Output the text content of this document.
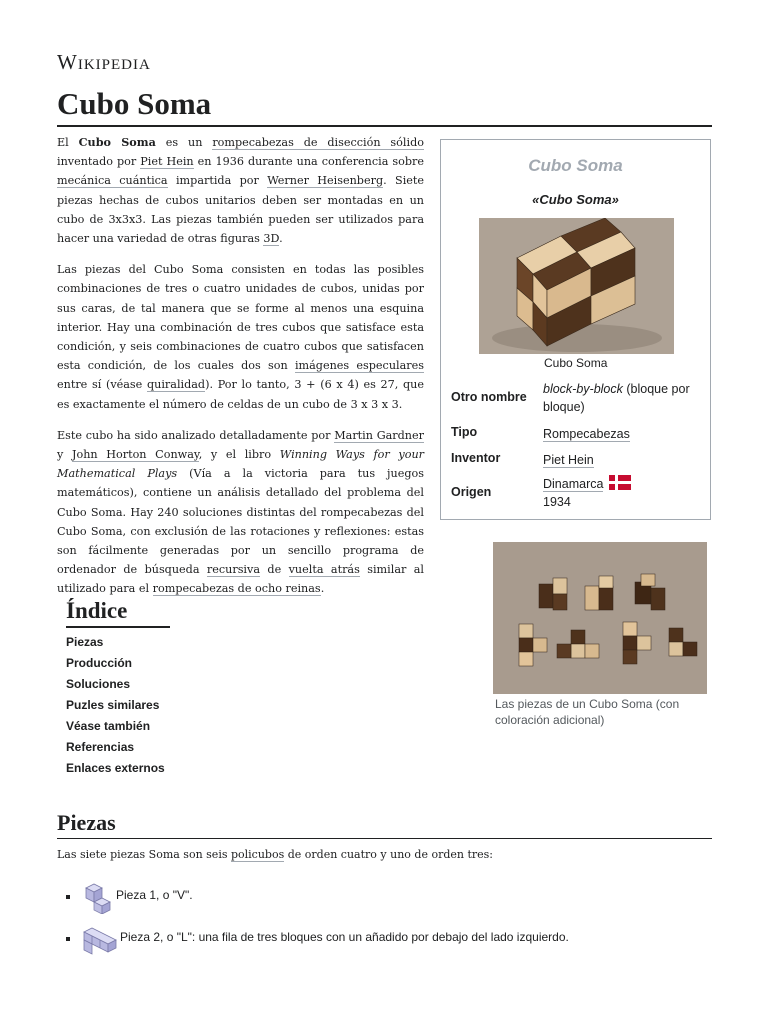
Wikipedia
Cubo Soma

El Cubo Soma es un rompecabezas de disección sólido inventado por Piet Hein en 1936 durante una conferencia sobre mecánica cuántica impartida por Werner Heisenberg. Siete piezas hechas de cubos unitarios deben ser montadas en un cubo de 3x3x3. Las piezas también pueden ser utilizados para hacer una variedad de otras figuras 3D.

Las piezas del Cubo Soma consisten en todas las posibles combinaciones de tres o cuatro unidades de cubos, unidas por sus caras, de tal manera que se forme al menos una esquina interior. Hay una combinación de tres cubos que satisface esta condición, y seis combinaciones de cuatro cubos que satisfacen esta condición, de los cuales dos son imágenes especulares entre sí (véase quiralidad). Por lo tanto, 3 + (6 x 4) es 27, que es exactamente el número de celdas de un cubo de 3 x 3 x 3.

Este cubo ha sido analizado detalladamente por Martin Gardner y John Horton Conway, y el libro Winning Ways for your Mathematical Plays (Vía a la victoria para tus juegos matemáticos), contiene un análisis detallado del problema del Cubo Soma. Hay 240 soluciones distintas del rompecabezas del Cubo Soma, con exclusión de las rotaciones y reflexiones: estas son fácilmente generadas por un sencillo programa de ordenador de búsqueda recursiva de vuelta atrás similar al utilizado para el rompecabezas de ocho reinas.

Cubo Soma
«Cubo Soma»
Cubo Soma
Otro nombre
block-by-block (bloque por bloque)
Tipo	Rompecabezas
Inventor	Piet Hein
Origen
Dinamarca
1934
Las piezas de un Cubo Soma (con coloración adicional)
Índice
Piezas
Producción
Soluciones
Puzles similares
Véase también
Referencias
Enlaces externos
Piezas

Las siete piezas Soma son seis policubos de orden cuatro y uno de orden tres:

Pieza 1, o "V".
Pieza 2, o "L": una fila de tres bloques con un añadido por debajo del lado izquierdo.
